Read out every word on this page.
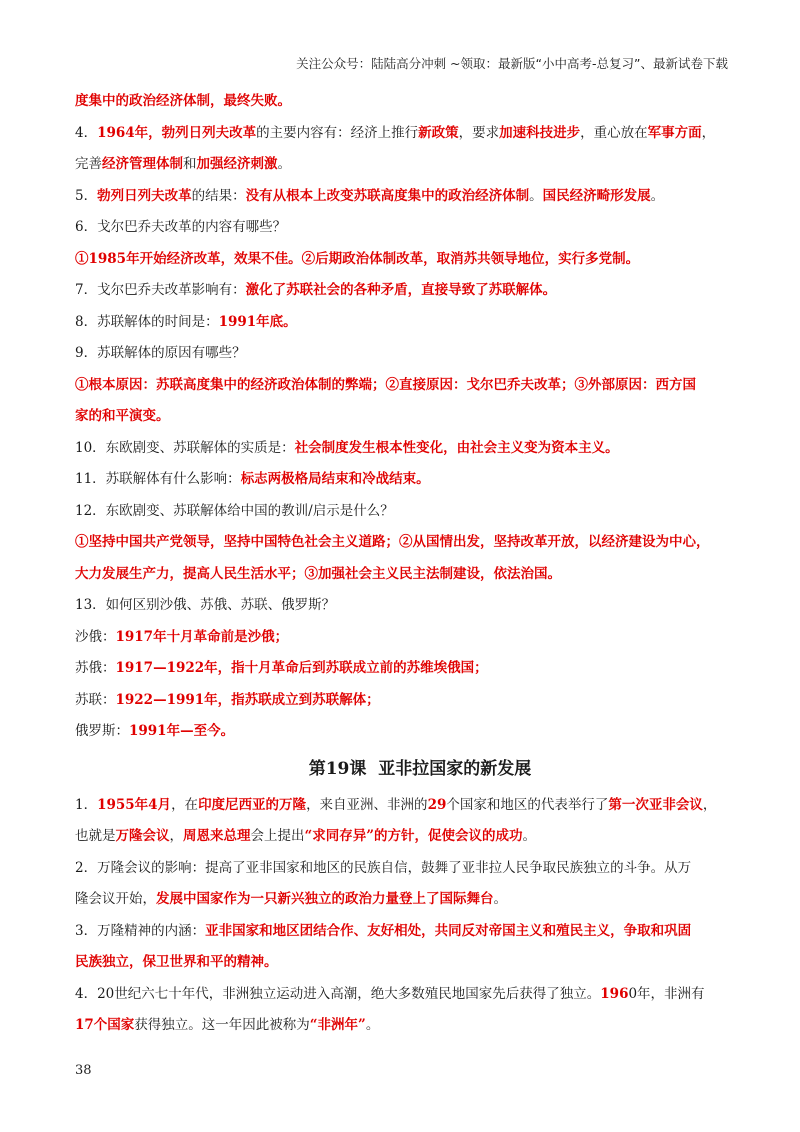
关注公众号：陆陆高分冲刺 ~领取：最新版“小中高考-总复习”、最新试卷下载
度集中的政治经济体制，最终失败。
4．1964年，勃列日列夫改革的主要内容有：经济上推行新政策，要求加速科技进步，重心放在军事方面，
完善经济管理体制和加强经济刺激。
5．勃列日列夫改革的结果：没有从根本上改变苏联高度集中的政治经济体制。国民经济畸形发展。
6．戈尔巴乔夫改革的内容有哪些？
①1985年开始经济改革，效果不佳。②后期政治体制改革，取消苏共领导地位，实行多党制。
7．戈尔巴乔夫改革影响有：激化了苏联社会的各种矛盾，直接导致了苏联解体。
8．苏联解体的时间是：1991年底。
9．苏联解体的原因有哪些？
①根本原因：苏联高度集中的经济政治体制的弊端；②直接原因：戈尔巴乔夫改革；③外部原因：西方国
家的和平演变。
10．东欧剧变、苏联解体的实质是：社会制度发生根本性变化，由社会主义变为资本主义。
11．苏联解体有什么影响：标志两极格局结束和冷战结束。
12．东欧剧变、苏联解体给中国的教训/启示是什么？
①坚持中国共产党领导，坚持中国特色社会主义道路；②从国情出发，坚持改革开放，以经济建设为中心，
大力发展生产力，提高人民生活水平；③加强社会主义民主法制建设，依法治国。
13．如何区别沙俄、苏俄、苏联、俄罗斯？
沙俄：1917年十月革命前是沙俄；
苏俄：1917—1922年，指十月革命后到苏联成立前的苏维埃俄国；
苏联：1922—1991年，指苏联成立到苏联解体；
俄罗斯：1991年—至今。
第19课 亚非拉国家的新发展
1．1955年4月，在印度尼西亚的万隆，来自亚洲、非洲的29个国家和地区的代表举行了第一次亚非会议，
也就是万隆会议，周恩来总理会上提出“求同存异”的方针，促使会议的成功。
2．万隆会议的影响：提高了亚非国家和地区的民族自信，鼓舞了亚非拉人民争取民族独立的斗争。从万
隆会议开始，发展中国家作为一只新兴独立的政治力量登上了国际舞台。
3．万隆精神的内涵：亚非国家和地区团结合作、友好相处，共同反对帝国主义和殖民主义，争取和巩固
民族独立，保卫世界和平的精神。
4．20世纪六七十年代，非洲独立运动进入高潮，绝大多数殖民地国家先后获得了独立。1960年，非洲有
17个国家获得独立。这一年因此被称为“非洲年”。
38
